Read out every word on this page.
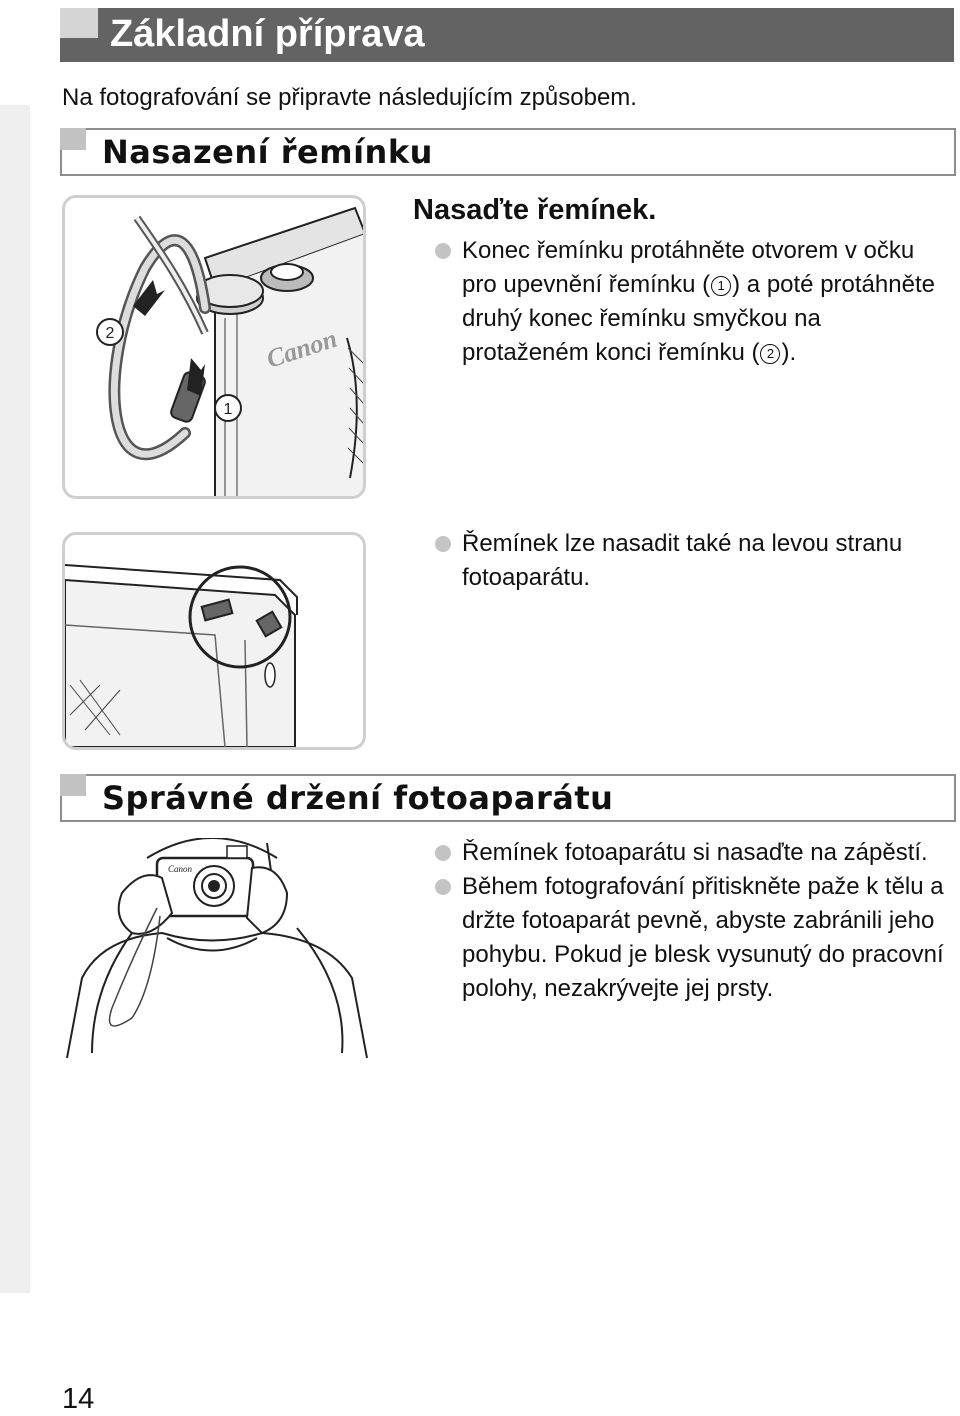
Základní příprava
Na fotografování se připravte následujícím způsobem.
Nasazení řemínku
Canon
2
1
Nasaďte řemínek.
Konec řemínku protáhněte otvorem v očku pro upevnění řemínku ( 1 ) a poté protáhněte druhý konec řemínku smyčkou na protaženém konci řemínku ( 2 ).
Řemínek lze nasadit také na levou stranu fotoaparátu.
Správné držení fotoaparátu
Canon
Řemínek fotoaparátu si nasaďte na zápěstí.
Během fotografování přitiskněte paže k tělu a držte fotoaparát pevně, abyste zabránili jeho pohybu. Pokud je blesk vysunutý do pracovní polohy, nezakrývejte jej prsty.
14
